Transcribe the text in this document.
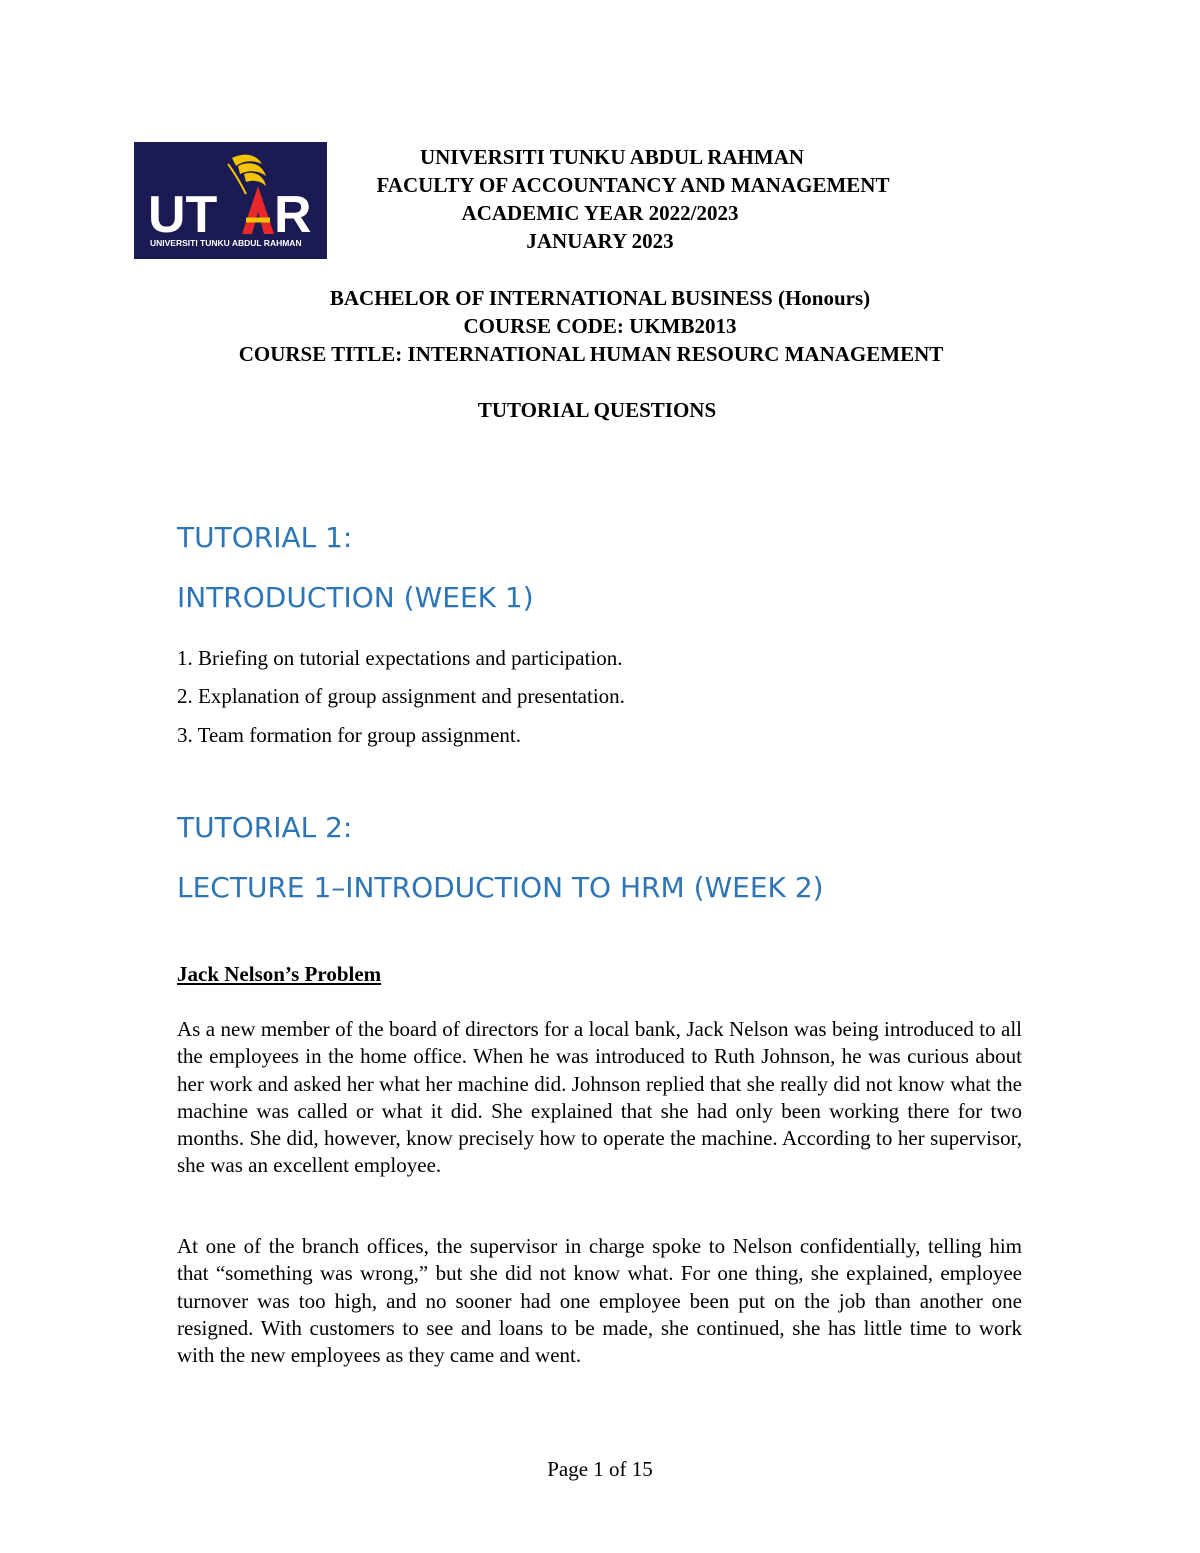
UT R
UNIVERSITI TUNKU ABDUL RAHMAN
UNIVERSITI TUNKU ABDUL RAHMAN
FACULTY OF ACCOUNTANCY AND MANAGEMENT
ACADEMIC YEAR 2022/2023
JANUARY 2023
BACHELOR OF INTERNATIONAL BUSINESS (Honours)
COURSE CODE: UKMB2013
COURSE TITLE: INTERNATIONAL HUMAN RESOURC MANAGEMENT
TUTORIAL QUESTIONS
TUTORIAL 1:
INTRODUCTION (WEEK 1)
1. Briefing on tutorial expectations and participation.
2. Explanation of group assignment and presentation.
3. Team formation for group assignment.
TUTORIAL 2:
LECTURE 1–INTRODUCTION TO HRM (WEEK 2)
Jack Nelson’s Problem

As a new member of the board of directors for a local bank, Jack Nelson was being introduced to all the employees in the home office. When he was introduced to Ruth Johnson, he was curious about her work and asked her what her machine did. Johnson replied that she really did not know what the machine was called or what it did. She explained that she had only been working there for two months. She did, however, know precisely how to operate the machine. According to her supervisor, she was an excellent employee.

At one of the branch offices, the supervisor in charge spoke to Nelson confidentially, telling him that “something was wrong,” but she did not know what. For one thing, she explained, employee turnover was too high, and no sooner had one employee been put on the job than another one resigned. With customers to see and loans to be made, she continued, she has little time to work with the new employees as they came and went.

Page 1 of 15
